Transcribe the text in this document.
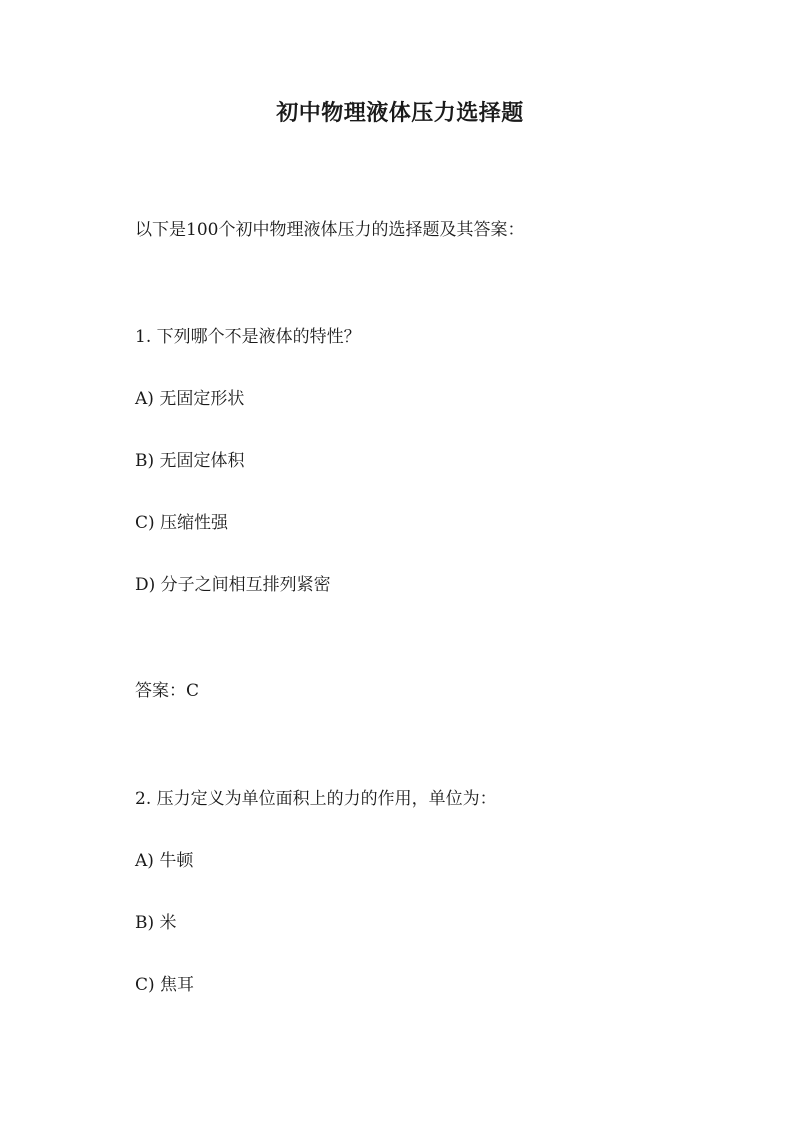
初中物理液体压力选择题
以下是100个初中物理液体压力的选择题及其答案：
1. 下列哪个不是液体的特性？
A) 无固定形状
B) 无固定体积
C) 压缩性强
D) 分子之间相互排列紧密
答案：C
2. 压力定义为单位面积上的力的作用，单位为：
A) 牛顿
B) 米
C) 焦耳
